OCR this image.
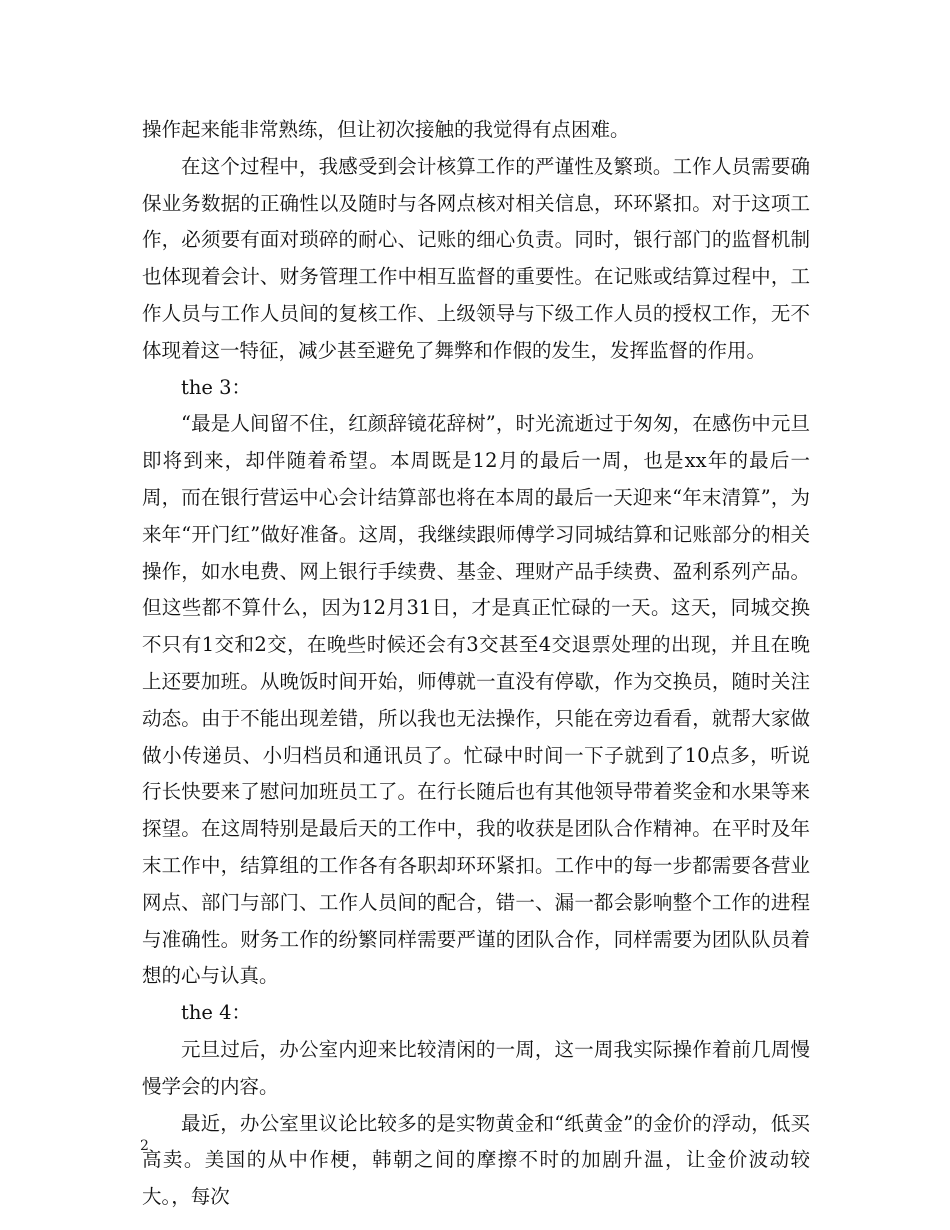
操作起来能非常熟练，但让初次接触的我觉得有点困难。

在这个过程中，我感受到会计核算工作的严谨性及繁琐。工作人员需要确保业务数据的正确性以及随时与各网点核对相关信息，环环紧扣。对于这项工作，必须要有面对琐碎的耐心、记账的细心负责。同时，银行部门的监督机制也体现着会计、财务管理工作中相互监督的重要性。在记账或结算过程中，工作人员与工作人员间的复核工作、上级领导与下级工作人员的授权工作，无不体现着这一特征，减少甚至避免了舞弊和作假的发生，发挥监督的作用。

the 3：

“最是人间留不住，红颜辞镜花辞树”，时光流逝过于匆匆，在感伤中元旦即将到来，却伴随着希望。本周既是12月的最后一周，也是xx年的最后一周，而在银行营运中心会计结算部也将在本周的最后一天迎来“年末清算”，为来年“开门红”做好准备。这周，我继续跟师傅学习同城结算和记账部分的相关操作，如水电费、网上银行手续费、基金、理财产品手续费、盈利系列产品。但这些都不算什么，因为12月31日，才是真正忙碌的一天。这天，同城交换不只有1交和2交，在晚些时候还会有3交甚至4交退票处理的出现，并且在晚上还要加班。从晚饭时间开始，师傅就一直没有停歇，作为交换员，随时关注动态。由于不能出现差错，所以我也无法操作，只能在旁边看看，就帮大家做做小传递员、小归档员和通讯员了。忙碌中时间一下子就到了10点多，听说行长快要来了慰问加班员工了。在行长随后也有其他领导带着奖金和水果等来探望。在这周特别是最后天的工作中，我的收获是团队合作精神。在平时及年末工作中，结算组的工作各有各职却环环紧扣。工作中的每一步都需要各营业网点、部门与部门、工作人员间的配合，错一、漏一都会影响整个工作的进程与准确性。财务工作的纷繁同样需要严谨的团队合作，同样需要为团队队员着想的心与认真。

the 4：

元旦过后，办公室内迎来比较清闲的一周，这一周我实际操作着前几周慢慢学会的内容。

最近，办公室里议论比较多的是实物黄金和“纸黄金”的金价的浮动，低买高卖。美国的从中作梗，韩朝之间的摩擦不时的加剧升温，让金价波动较大。，每次

2
